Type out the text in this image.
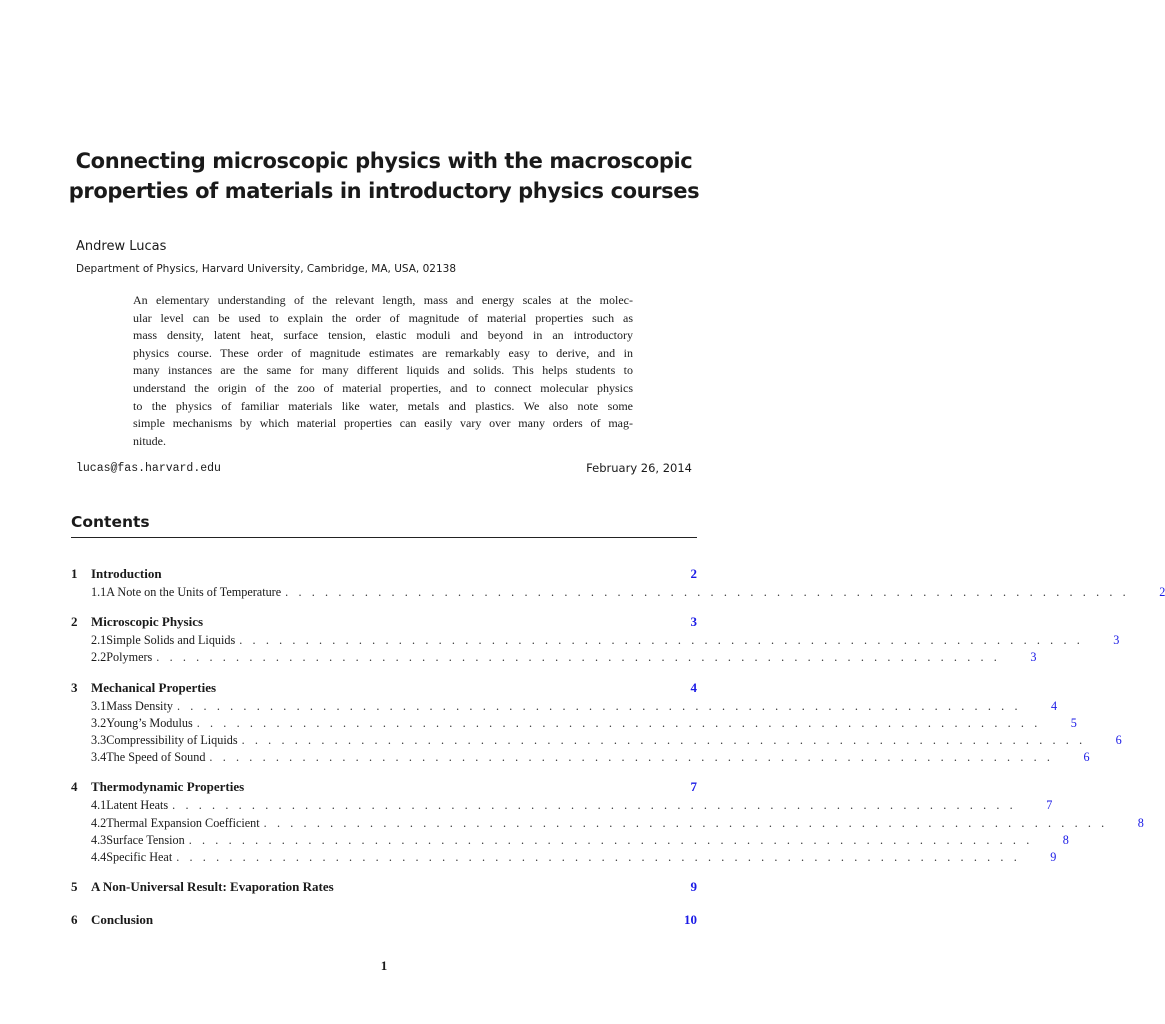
Connecting microscopic physics with the macroscopic
properties of materials in introductory physics courses

Andrew Lucas

Department of Physics, Harvard University, Cambridge, MA, USA, 02138

An elementary understanding of the relevant length, mass and energy scales at the molec-
ular level can be used to explain the order of magnitude of material properties such as
mass density, latent heat, surface tension, elastic moduli and beyond in an introductory
physics course. These order of magnitude estimates are remarkably easy to derive, and in
many instances are the same for many different liquids and solids. This helps students to
understand the origin of the zoo of material properties, and to connect molecular physics
to the physics of familiar materials like water, metals and plastics. We also note some
simple mechanisms by which material properties can easily vary over many orders of mag-
nitude.

lucas@fas.harvard.edu	February 26, 2014

Contents
1	Introduction	2
1.1 A Note on the Units of Temperature . . . . . . . . . . . . . . . . . . . . . . . . . . . . . . . . . . . . . . . . . . . . . . . . . . . . . . . . . . . . . . . .	2
2	Microscopic Physics	3
2.1 Simple Solids and Liquids . . . . . . . . . . . . . . . . . . . . . . . . . . . . . . . . . . . . . . . . . . . . . . . . . . . . . . . . . . . . . . . .	3
2.2 Polymers . . . . . . . . . . . . . . . . . . . . . . . . . . . . . . . . . . . . . . . . . . . . . . . . . . . . . . . . . . . . . . . .	3
3	Mechanical Properties	4
3.1 Mass Density . . . . . . . . . . . . . . . . . . . . . . . . . . . . . . . . . . . . . . . . . . . . . . . . . . . . . . . . . . . . . . . .	4
3.2 Young’s Modulus . . . . . . . . . . . . . . . . . . . . . . . . . . . . . . . . . . . . . . . . . . . . . . . . . . . . . . . . . . . . . . . .	5
3.3 Compressibility of Liquids . . . . . . . . . . . . . . . . . . . . . . . . . . . . . . . . . . . . . . . . . . . . . . . . . . . . . . . . . . . . . . . .	6
3.4 The Speed of Sound . . . . . . . . . . . . . . . . . . . . . . . . . . . . . . . . . . . . . . . . . . . . . . . . . . . . . . . . . . . . . . . .	6
4	Thermodynamic Properties	7
4.1 Latent Heats . . . . . . . . . . . . . . . . . . . . . . . . . . . . . . . . . . . . . . . . . . . . . . . . . . . . . . . . . . . . . . . .	7
4.2 Thermal Expansion Coefficient . . . . . . . . . . . . . . . . . . . . . . . . . . . . . . . . . . . . . . . . . . . . . . . . . . . . . . . . . . . . . . . .	8
4.3 Surface Tension . . . . . . . . . . . . . . . . . . . . . . . . . . . . . . . . . . . . . . . . . . . . . . . . . . . . . . . . . . . . . . . .	8
4.4 Specific Heat . . . . . . . . . . . . . . . . . . . . . . . . . . . . . . . . . . . . . . . . . . . . . . . . . . . . . . . . . . . . . . . .	9
5	A Non-Universal Result: Evaporation Rates	9
6	Conclusion	10

1
